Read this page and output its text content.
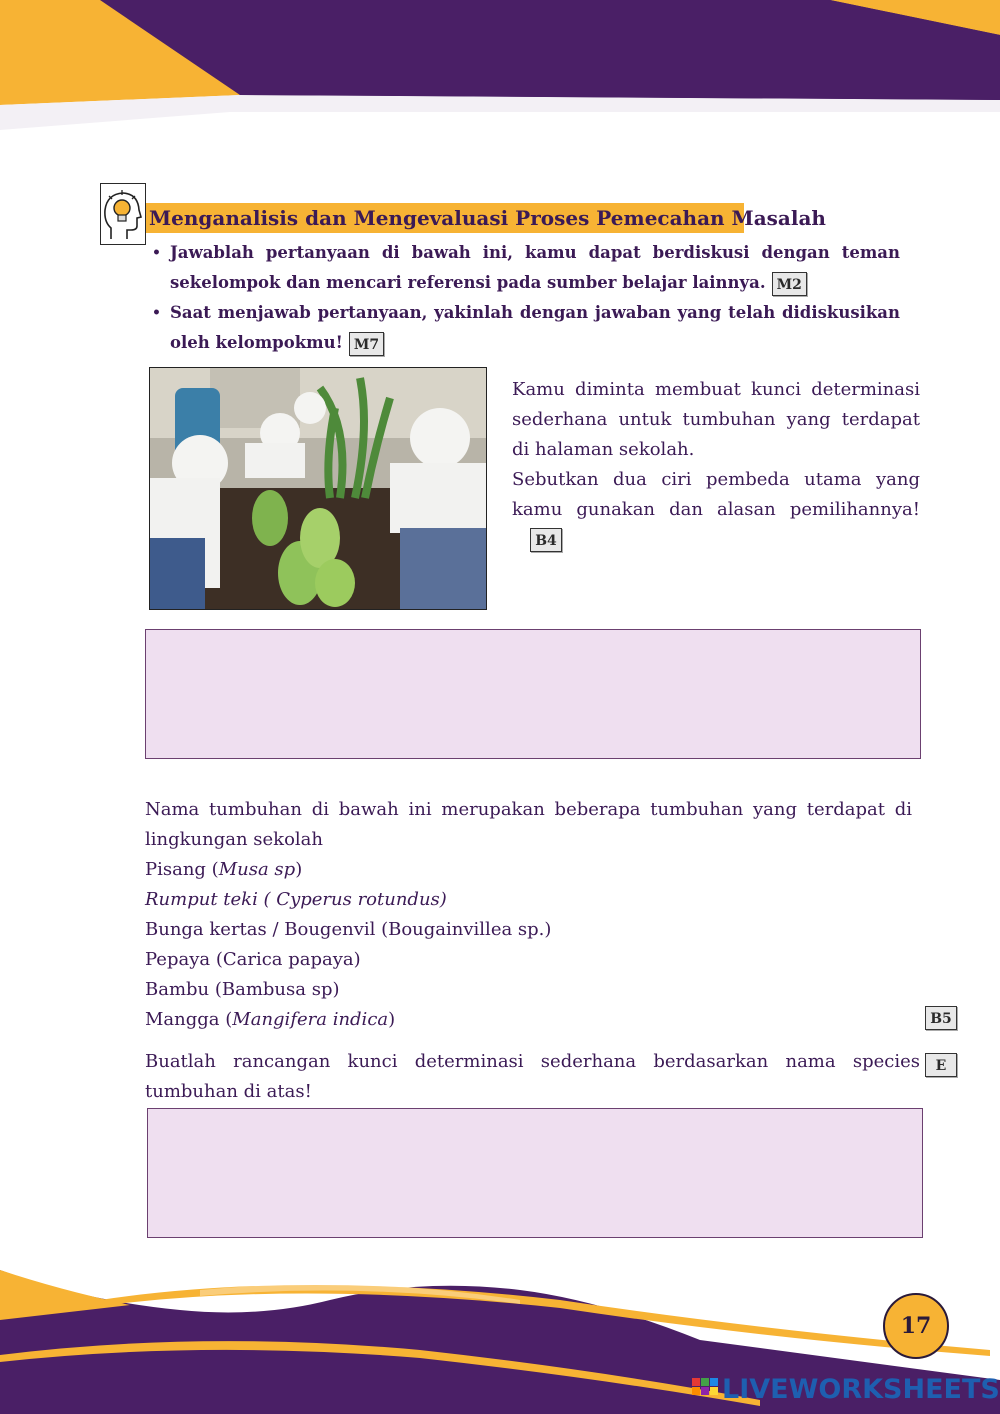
Menganalisis dan Mengevaluasi Proses Pemecahan Masalah
• Jawablah pertanyaan di bawah ini, kamu dapat berdiskusi dengan teman sekelompok dan mencari referensi pada sumber belajar lainnya. M2
• Saat menjawab pertanyaan, yakinlah dengan jawaban yang telah didiskusikan oleh kelompokmu! M7
Kamu diminta membuat kunci determinasi sederhana untuk tumbuhan yang terdapat di halaman sekolah.
Sebutkan dua ciri pembeda utama yang kamu gunakan dan alasan pemilihannya!B4

Nama tumbuhan di bawah ini merupakan beberapa tumbuhan yang terdapat di lingkungan sekolah

Pisang (Musa sp)

Rumput teki ( Cyperus rotundus)

Bunga kertas / Bougenvil (Bougainvillea sp.)

Pepaya (Carica papaya)

Bambu (Bambusa sp)

Mangga (Mangifera indica)	B5
Buatlah rancangan kunci determinasi sederhana berdasarkan nama species tumbuhan di atas!
E
17
LIVEWORKSHEETS
